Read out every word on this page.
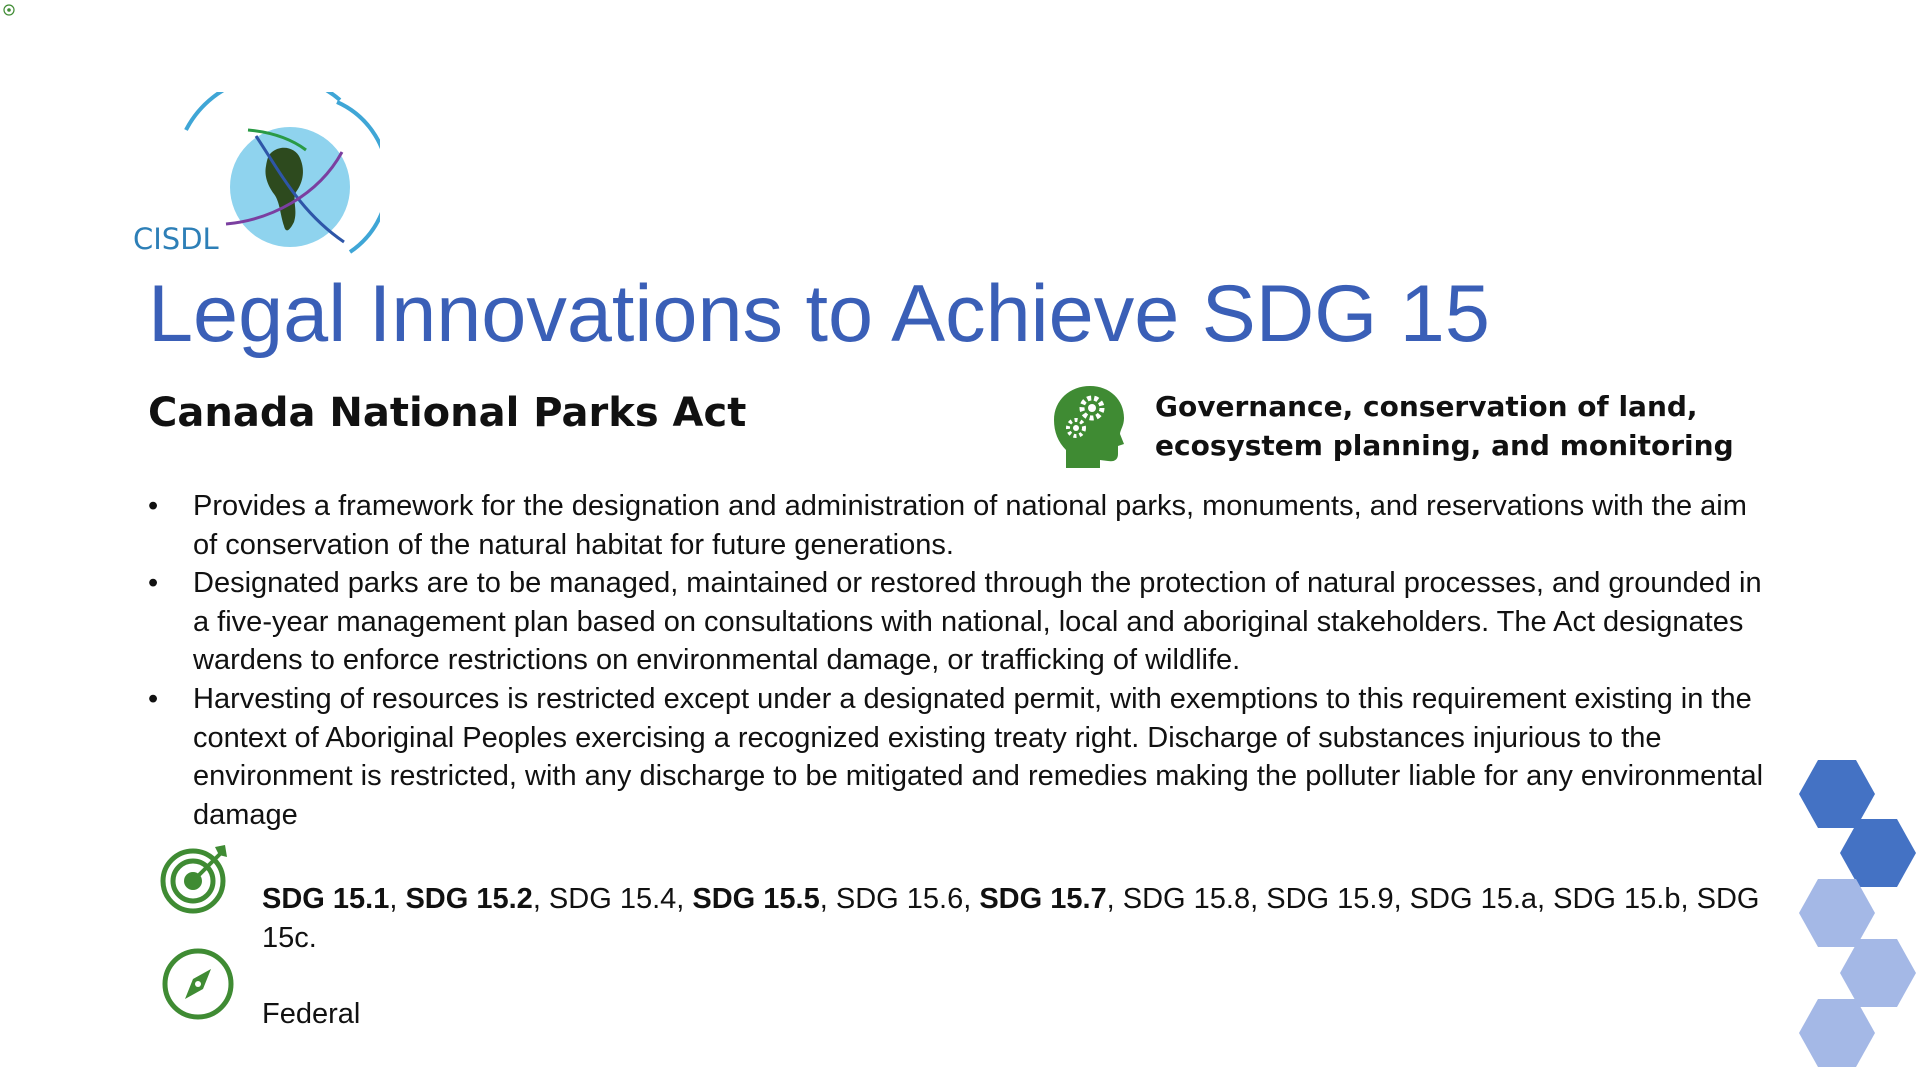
CISDL
Legal Innovations to Achieve SDG 15
Canada National Parks Act	Governance, conservation of land, ecosystem planning, and monitoring
• Provides a framework for the designation and administration of national parks, monuments, and reservations with the aim of conservation of the natural habitat for future generations.
• Designated parks are to be managed, maintained or restored through the protection of natural processes, and grounded in a five-year management plan based on consultations with national, local and aboriginal stakeholders. The Act designates wardens to enforce restrictions on environmental damage, or trafficking of wildlife.
• Harvesting of resources is restricted except under a designated permit, with exemptions to this requirement existing in the context of Aboriginal Peoples exercising a recognized existing treaty right. Discharge of substances injurious to the environment is restricted, with any discharge to be mitigated and remedies making the polluter liable for any environmental damage
SDG 15.1, SDG 15.2, SDG 15.4, SDG 15.5, SDG 15.6, SDG 15.7, SDG 15.8, SDG 15.9, SDG 15.a, SDG 15.b, SDG 15c.
Federal
